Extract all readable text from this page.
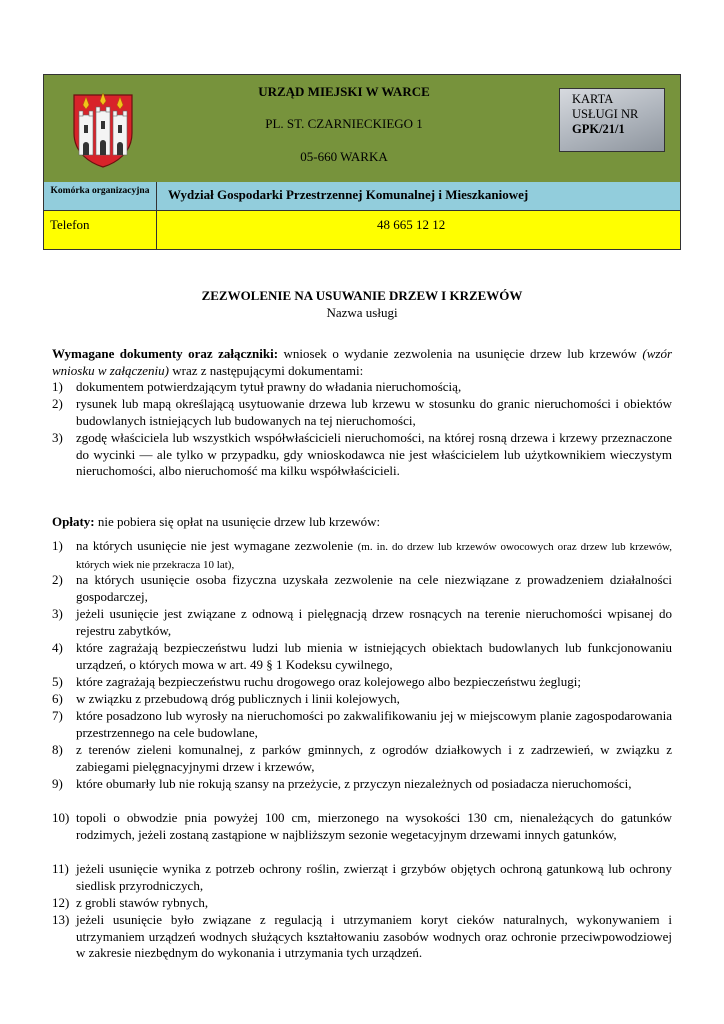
URZĄD MIEJSKI W WARCE
PL. ST. CZARNIECKIEGO 1
05-660 WARKA
KARTA
USŁUGI NR
GPK/21/1
Komórka organizacyjna	Wydział Gospodarki Przestrzennej Komunalnej i Mieszkaniowej
Telefon	48 665 12 12
ZEZWOLENIE NA USUWANIE DRZEW I KRZEWÓW
Nazwa usługi
Wymagane dokumenty oraz załączniki: wniosek o wydanie zezwolenia na usunięcie drzew lub krzewów (wzór wniosku w załączeniu) wraz z następującymi dokumentami:
1) dokumentem potwierdzającym tytuł prawny do władania nieruchomością,
2) rysunek lub mapą określającą usytuowanie drzewa lub krzewu w stosunku do granic nieruchomości i obiektów budowlanych istniejących lub budowanych na tej nieruchomości,
3) zgodę właściciela lub wszystkich współwłaścicieli nieruchomości, na której rosną drzewa i krzewy przeznaczone do wycinki — ale tylko w przypadku, gdy wnioskodawca nie jest właścicielem lub użytkownikiem wieczystym nieruchomości, albo nieruchomość ma kilku współwłaścicieli.
Opłaty: nie pobiera się opłat na usunięcie drzew lub krzewów:
1) na których usunięcie nie jest wymagane zezwolenie (m. in. do drzew lub krzewów owocowych oraz drzew lub krzewów, których wiek nie przekracza 10 lat),
2) na których usunięcie osoba fizyczna uzyskała zezwolenie na cele niezwiązane z prowadzeniem działalności gospodarczej,
3) jeżeli usunięcie jest związane z odnową i pielęgnacją drzew rosnących na terenie nieruchomości wpisanej do rejestru zabytków,
4) które zagrażają bezpieczeństwu ludzi lub mienia w istniejących obiektach budowlanych lub funkcjonowaniu urządzeń, o których mowa w art. 49 § 1 Kodeksu cywilnego,
5) które zagrażają bezpieczeństwu ruchu drogowego oraz kolejowego albo bezpieczeństwu żeglugi;
6) w związku z przebudową dróg publicznych i linii kolejowych,
7) które posadzono lub wyrosły na nieruchomości po zakwalifikowaniu jej w miejscowym planie zagospodarowania przestrzennego na cele budowlane,
8) z terenów zieleni komunalnej, z parków gminnych, z ogrodów działkowych i z zadrzewień, w związku z zabiegami pielęgnacyjnymi drzew i krzewów,
9) które obumarły lub nie rokują szansy na przeżycie, z przyczyn niezależnych od posiadacza nieruchomości,
10) topoli o obwodzie pnia powyżej 100 cm, mierzonego na wysokości 130 cm, nienależących do gatunków rodzimych, jeżeli zostaną zastąpione w najbliższym sezonie wegetacyjnym drzewami innych gatunków,
11) jeżeli usunięcie wynika z potrzeb ochrony roślin, zwierząt i grzybów objętych ochroną gatunkową lub ochrony siedlisk przyrodniczych,
12) z grobli stawów rybnych,
13) jeżeli usunięcie było związane z regulacją i utrzymaniem koryt cieków naturalnych, wykonywaniem i utrzymaniem urządzeń wodnych służących kształtowaniu zasobów wodnych oraz ochronie przeciwpowodziowej w zakresie niezbędnym do wykonania i utrzymania tych urządzeń.
